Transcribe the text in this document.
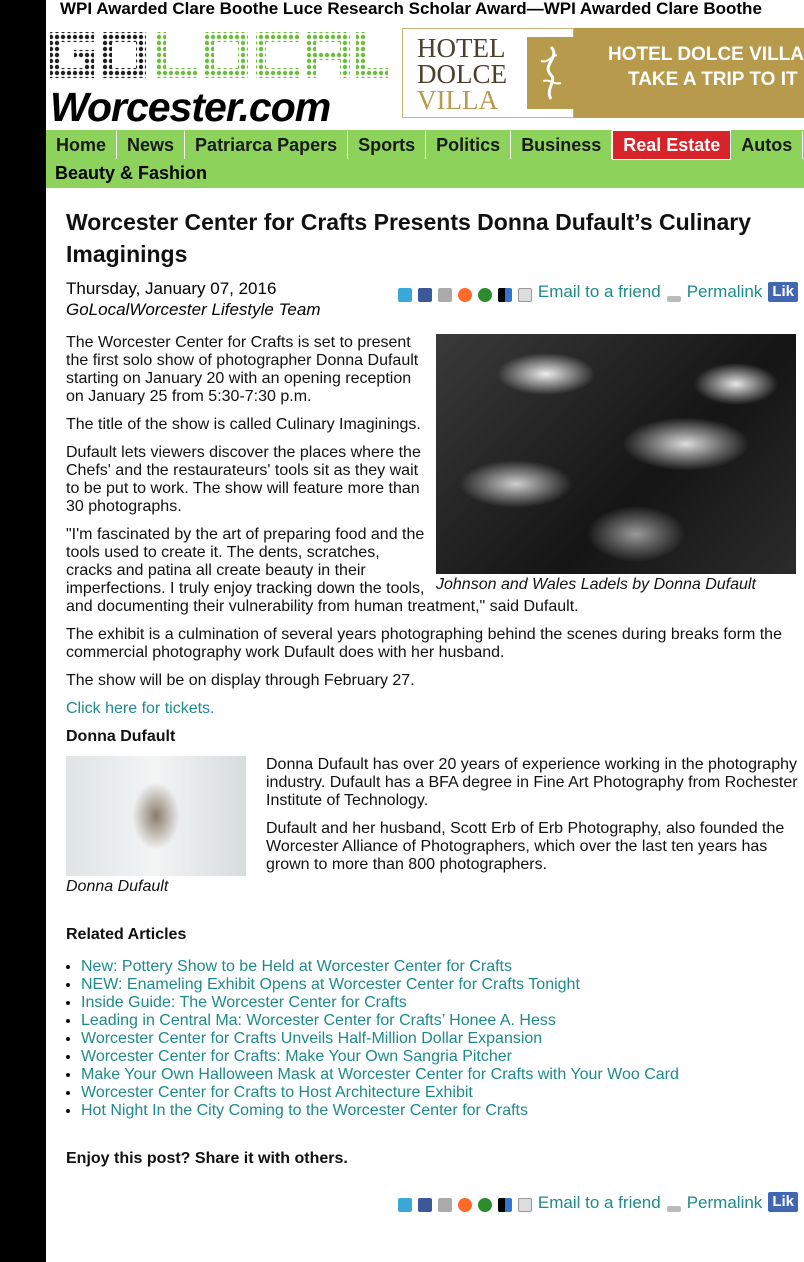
WPI Awarded Clare Boothe Luce Research Scholar Award—WPI Awarded Clare Boothe
Worcester.com
HOTEL
DOLCE
VILLA
HOTEL DOLCE VILLA
TAKE A TRIP TO IT
Home	News	Patriarca Papers	Sports	Politics	Business	Real Estate	Autos
Beauty & Fashion
Worcester Center for Crafts Presents Donna Dufault’s Culinary Imaginings
Thursday, January 07, 2016
GoLocalWorcester Lifestyle Team
Email to a friend Permalink Lik
Johnson and Wales Ladels by Donna Dufault

The Worcester Center for Crafts is set to present the first solo show of photographer Donna Dufault starting on January 20 with an opening reception on January 25 from 5:30-7:30 p.m.

The title of the show is called Culinary Imaginings.

Dufault lets viewers discover the places where the Chefs' and the restaurateurs' tools sit as they wait to be put to work. The show will feature more than 30 photographs.

"I'm fascinated by the art of preparing food and the tools used to create it. The dents, scratches, cracks and patina all create beauty in their imperfections. I truly enjoy tracking down the tools, and documenting their vulnerability from human treatment," said Dufault.

The exhibit is a culmination of several years photographing behind the scenes during breaks form the commercial photography work Dufault does with her husband.

The show will be on display through February 27.

Click here for tickets.

Donna Dufault
Donna Dufault

Donna Dufault has over 20 years of experience working in the photography industry. Dufault has a BFA degree in Fine Art Photography from Rochester Institute of Technology.

Dufault and her husband, Scott Erb of Erb Photography, also founded the Worcester Alliance of Photographers, which over the last ten years has grown to more than 800 photographers.

Related Articles
• New: Pottery Show to be Held at Worcester Center for Crafts
• NEW: Enameling Exhibit Opens at Worcester Center for Crafts Tonight
• Inside Guide: The Worcester Center for Crafts
• Leading in Central Ma: Worcester Center for Crafts’ Honee A. Hess
• Worcester Center for Crafts Unveils Half-Million Dollar Expansion
• Worcester Center for Crafts: Make Your Own Sangria Pitcher
• Make Your Own Halloween Mask at Worcester Center for Crafts with Your Woo Card
• Worcester Center for Crafts to Host Architecture Exhibit
• Hot Night In the City Coming to the Worcester Center for Crafts
Enjoy this post? Share it with others.
Email to a friend Permalink Lik
